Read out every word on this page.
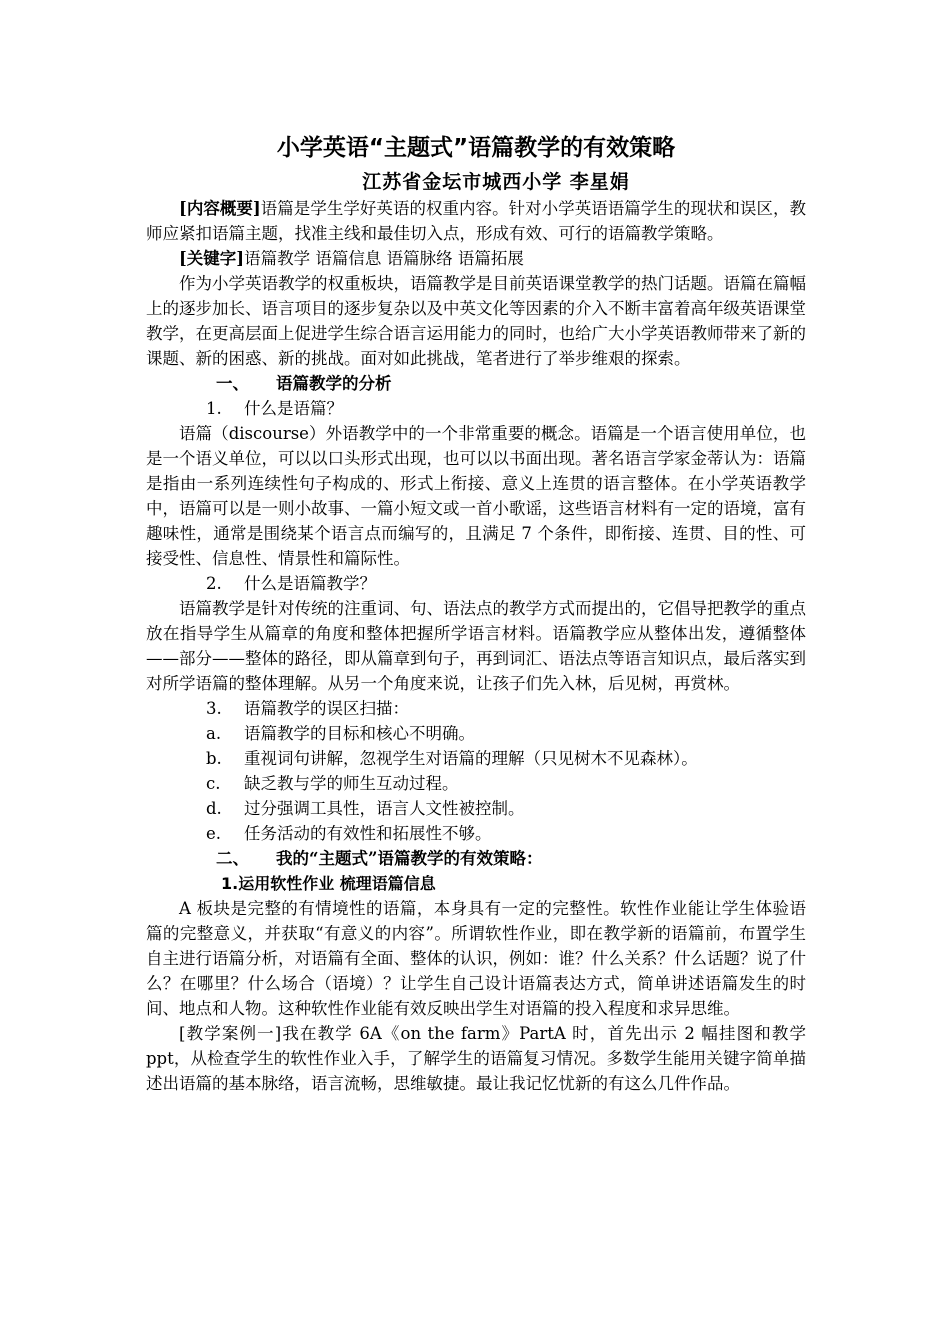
小学英语“主题式”语篇教学的有效策略

江苏省金坛市城西小学 李星娟

[内容概要]语篇是学生学好英语的权重内容。针对小学英语语篇学生的现状和误区，教师应紧扣语篇主题，找准主线和最佳切入点，形成有效、可行的语篇教学策略。

[关键字]语篇教学 语篇信息 语篇脉络 语篇拓展

作为小学英语教学的权重板块，语篇教学是目前英语课堂教学的热门话题。语篇在篇幅上的逐步加长、语言项目的逐步复杂以及中英文化等因素的介入不断丰富着高年级英语课堂教学，在更高层面上促进学生综合语言运用能力的同时，也给广大小学英语教师带来了新的课题、新的困惑、新的挑战。面对如此挑战，笔者进行了举步维艰的探索。

一、 语篇教学的分析

1. 什么是语篇？

语篇（discourse）外语教学中的一个非常重要的概念。语篇是一个语言使用单位，也是一个语义单位，可以以口头形式出现，也可以以书面出现。著名语言学家金蒂认为：语篇是指由一系列连续性句子构成的、形式上衔接、意义上连贯的语言整体。在小学英语教学中，语篇可以是一则小故事、一篇小短文或一首小歌谣，这些语言材料有一定的语境，富有趣味性，通常是围绕某个语言点而编写的，且满足 7 个条件，即衔接、连贯、目的性、可接受性、信息性、情景性和篇际性。

2. 什么是语篇教学？

语篇教学是针对传统的注重词、句、语法点的教学方式而提出的，它倡导把教学的重点放在指导学生从篇章的角度和整体把握所学语言材料。语篇教学应从整体出发，遵循整体——部分——整体的路径，即从篇章到句子，再到词汇、语法点等语言知识点，最后落实到对所学语篇的整体理解。从另一个角度来说，让孩子们先入林，后见树，再赏林。

3. 语篇教学的误区扫描：

a. 语篇教学的目标和核心不明确。

b. 重视词句讲解，忽视学生对语篇的理解（只见树木不见森林）。

c. 缺乏教与学的师生互动过程。

d. 过分强调工具性，语言人文性被控制。

e. 任务活动的有效性和拓展性不够。

二、 我的“主题式”语篇教学的有效策略：

1.运用软性作业 梳理语篇信息

A 板块是完整的有情境性的语篇，本身具有一定的完整性。软性作业能让学生体验语篇的完整意义，并获取“有意义的内容”。所谓软性作业，即在教学新的语篇前，布置学生自主进行语篇分析，对语篇有全面、整体的认识，例如：谁？什么关系？什么话题？说了什么？在哪里？什么场合（语境）？让学生自己设计语篇表达方式，简单讲述语篇发生的时间、地点和人物。这种软性作业能有效反映出学生对语篇的投入程度和求异思维。

[教学案例一]我在教学 6A《on the farm》PartA 时，首先出示 2 幅挂图和教学 ppt，从检查学生的软性作业入手，了解学生的语篇复习情况。多数学生能用关键字简单描述出语篇的基本脉络，语言流畅，思维敏捷。最让我记忆忧新的有这么几件作品。
